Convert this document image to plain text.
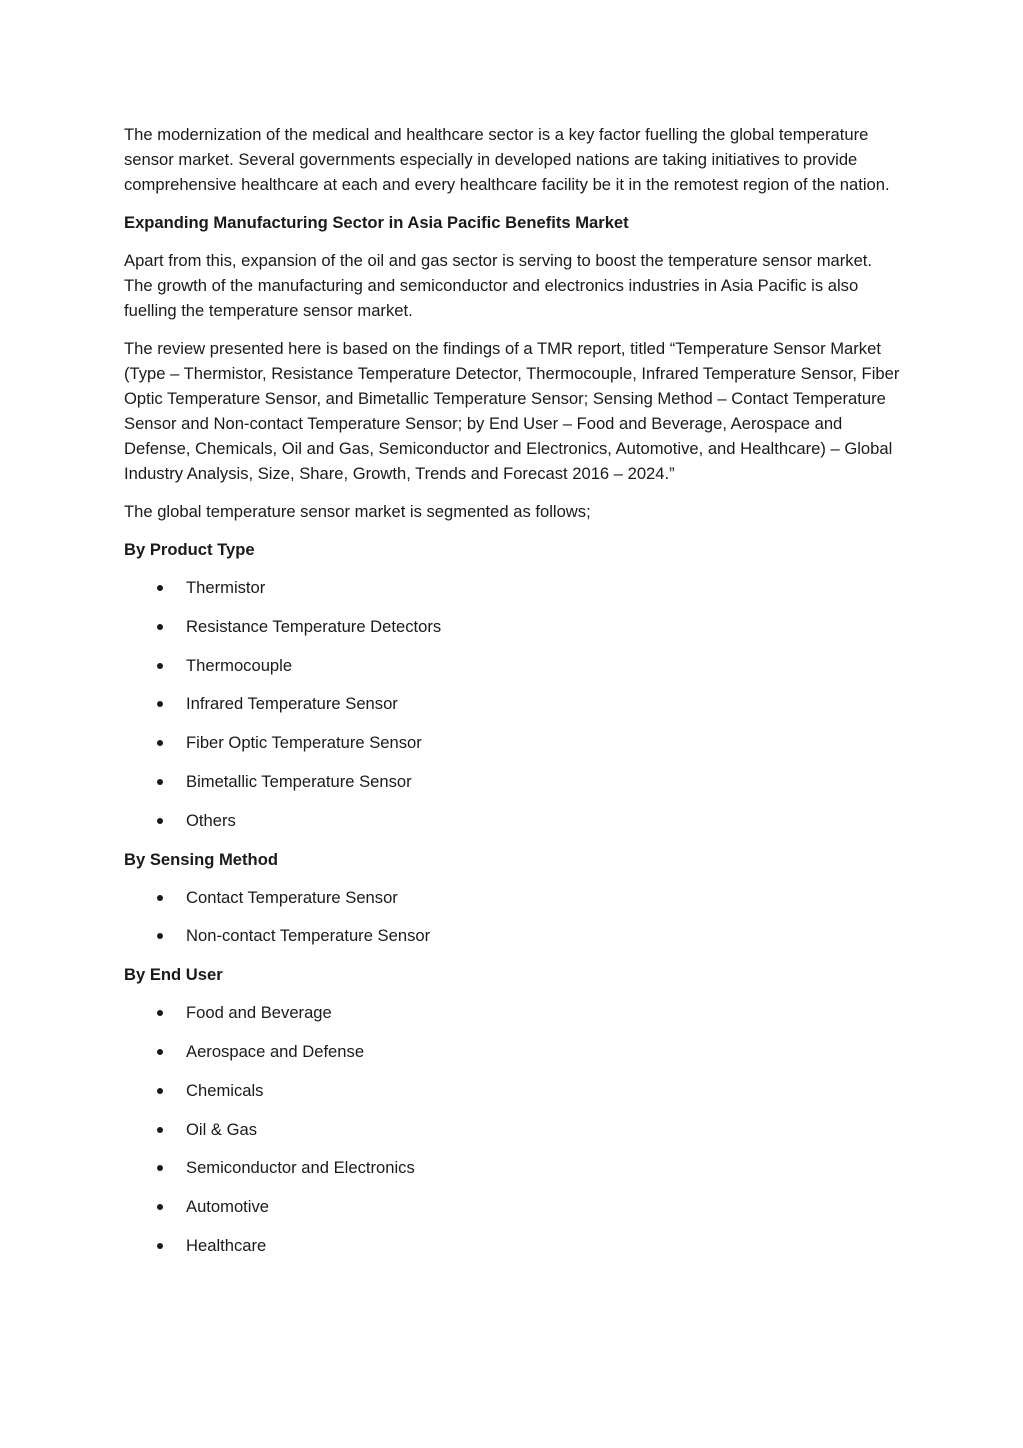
The modernization of the medical and healthcare sector is a key factor fuelling the global temperature sensor market. Several governments especially in developed nations are taking initiatives to provide comprehensive healthcare at each and every healthcare facility be it in the remotest region of the nation.

Expanding Manufacturing Sector in Asia Pacific Benefits Market

Apart from this, expansion of the oil and gas sector is serving to boost the temperature sensor market. The growth of the manufacturing and semiconductor and electronics industries in Asia Pacific is also fuelling the temperature sensor market.

The review presented here is based on the findings of a TMR report, titled “Temperature Sensor Market (Type – Thermistor, Resistance Temperature Detector, Thermocouple, Infrared Temperature Sensor, Fiber Optic Temperature Sensor, and Bimetallic Temperature Sensor; Sensing Method – Contact Temperature Sensor and Non-contact Temperature Sensor; by End User – Food and Beverage, Aerospace and Defense, Chemicals, Oil and Gas, Semiconductor and Electronics, Automotive, and Healthcare) – Global Industry Analysis, Size, Share, Growth, Trends and Forecast 2016 – 2024.”

The global temperature sensor market is segmented as follows;

By Product Type

Thermistor
Resistance Temperature Detectors
Thermocouple
Infrared Temperature Sensor
Fiber Optic Temperature Sensor
Bimetallic Temperature Sensor
Others

By Sensing Method

Contact Temperature Sensor
Non-contact Temperature Sensor

By End User

Food and Beverage
Aerospace and Defense
Chemicals
Oil & Gas
Semiconductor and Electronics
Automotive
Healthcare
